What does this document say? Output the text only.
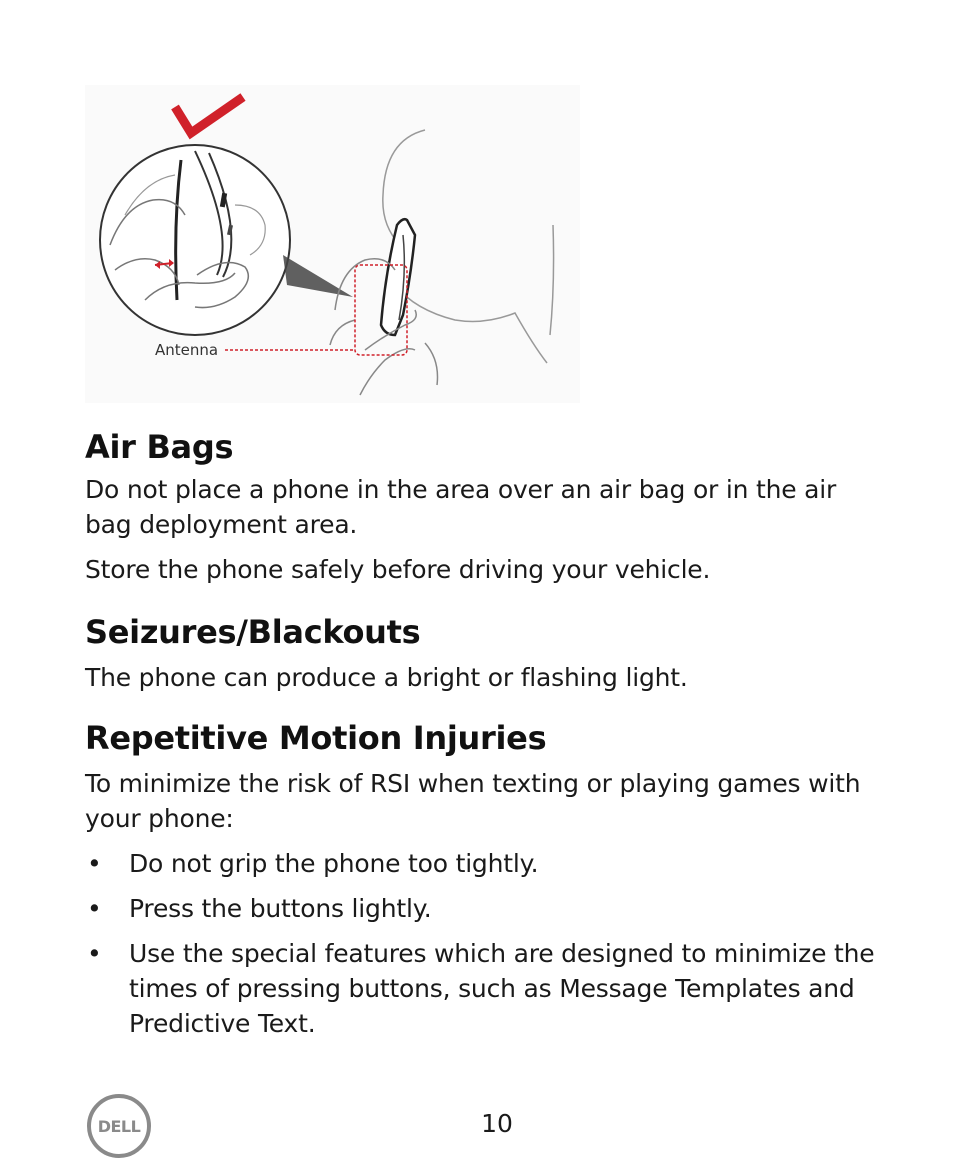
Antenna
Air Bags

Do not place a phone in the area over an air bag or in the air bag deployment area.

Store the phone safely before driving your vehicle.

Seizures/Blackouts

The phone can produce a bright or flashing light.

Repetitive Motion Injuries

To minimize the risk of RSI when texting or playing games with your phone:

• Do not grip the phone too tightly.
• Press the buttons lightly.
• Use the special features which are designed to minimize the times of pressing buttons, such as Message Templates and Predictive Text.
DELL	10
